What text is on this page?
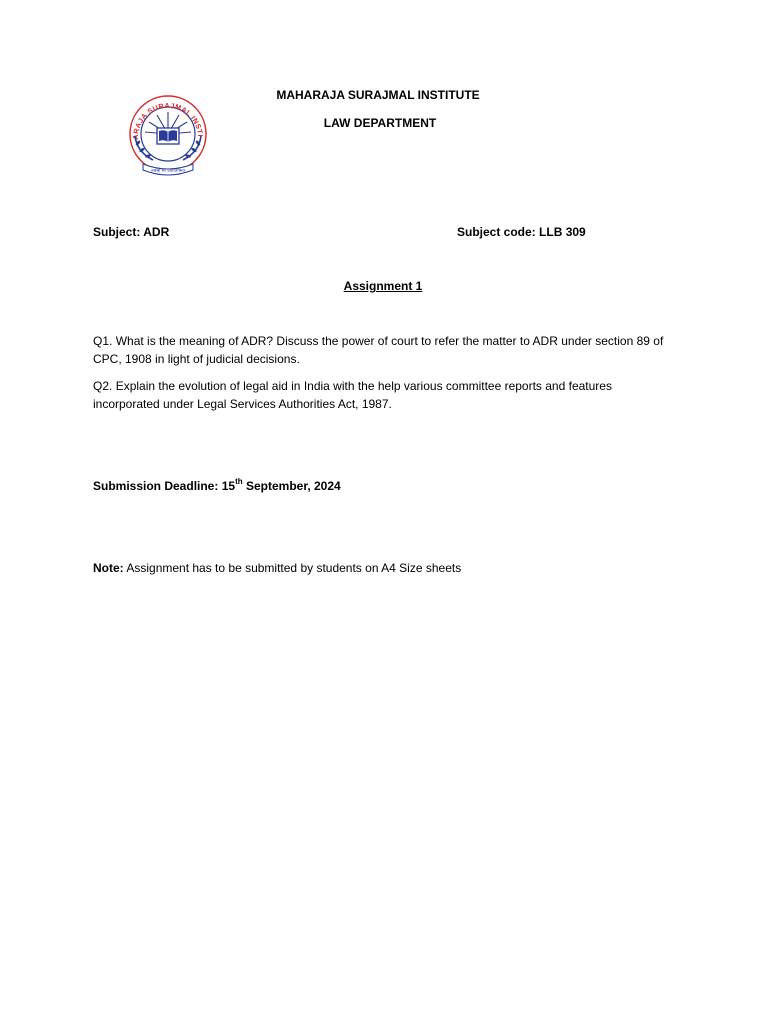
ARAJA SURAJMAL INSTI
तमसो मा ज्योतिर्गमय
MAHARAJA SURAJMAL INSTITUTE
LAW DEPARTMENT
Subject: ADR	Subject code: LLB 309
Assignment 1
Q1. What is the meaning of ADR? Discuss the power of court to refer the matter to ADR under section 89 of CPC, 1908 in light of judicial decisions.
Q2. Explain the evolution of legal aid in India with the help various committee reports and features incorporated under Legal Services Authorities Act, 1987.
Submission Deadline: 15th September, 2024
Note: Assignment has to be submitted by students on A4 Size sheets
